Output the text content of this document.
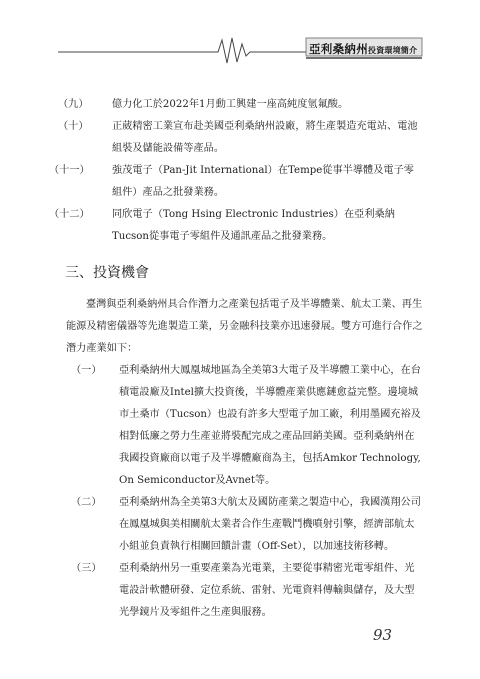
亞利桑納州投資環境簡介
（九） 億力化工於2022年1月動工興建一座高純度氫氟酸。
（十） 正葳精密工業宣布赴美國亞利桑納州設廠，將生產製造充電站、電池組裝及儲能設備等產品。
（十一） 強茂電子（Pan-Jit International）在Tempe從事半導體及電子零組件）產品之批發業務。
（十二） 同欣電子（Tong Hsing Electronic Industries）在亞利桑納Tucson從事電子零組件及通訊產品之批發業務。
三、投資機會
臺灣與亞利桑納州具合作潛力之產業包括電子及半導體業、航太工業、再生能源及精密儀器等先進製造工業，另金融科技業亦迅速發展。雙方可進行合作之潛力產業如下：
（一） 亞利桑納州大鳳凰城地區為全美第3大電子及半導體工業中心，在台積電設廠及Intel擴大投資後，半導體產業供應鏈愈益完整。邊境城市土桑市（Tucson）也設有許多大型電子加工廠，利用墨國充裕及相對低廉之勞力生產並將裝配完成之產品回銷美國。亞利桑納州在我國投資廠商以電子及半導體廠商為主，包括Amkor Technology, On Semiconductor及Avnet等。
（二） 亞利桑納州為全美第3大航太及國防產業之製造中心，我國漢翔公司在鳳凰城與美相關航太業者合作生產戰鬥機噴射引擎，經濟部航太小組並負責執行相關回饋計畫（Off-Set），以加速技術移轉。
（三） 亞利桑納州另一重要產業為光電業，主要從事精密光電零組件、光電設計軟體研發、定位系統、雷射、光電資料傳輸與儲存，及大型光學鏡片及零組件之生產與服務。
93
